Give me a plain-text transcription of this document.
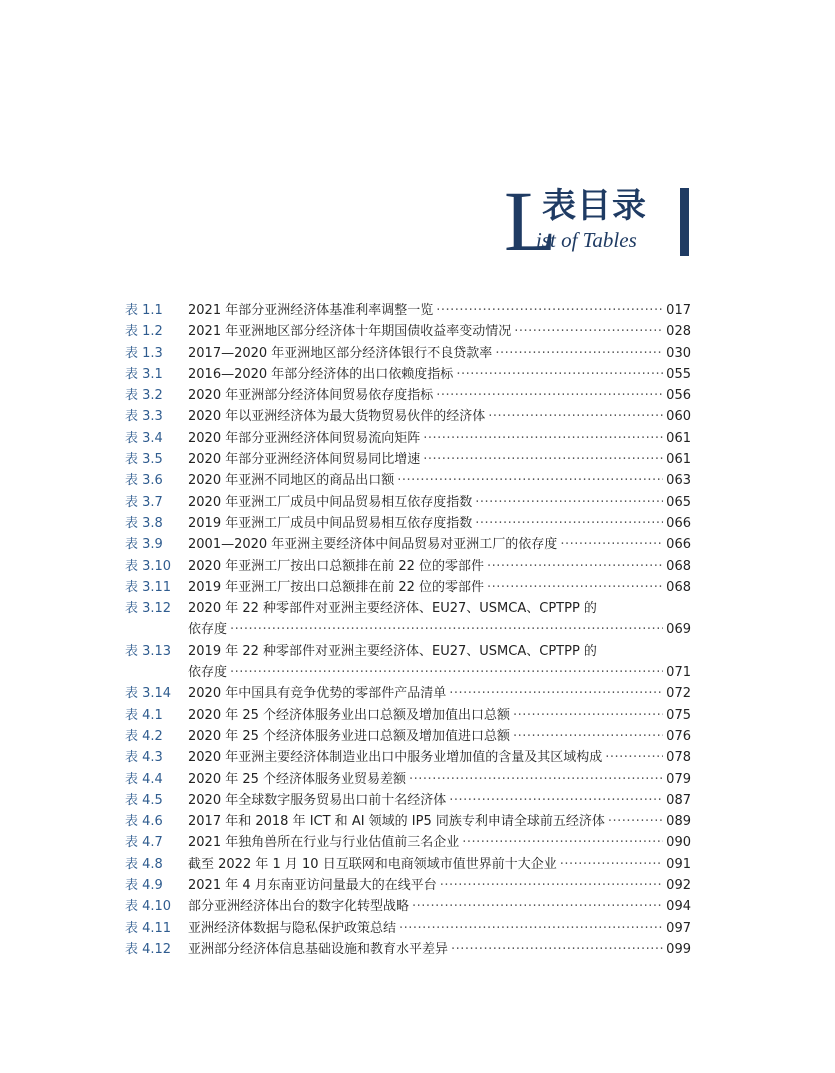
L
表目录
ist of Tables
表 1.1	2021 年部分亚洲经济体基准利率调整一览 ·····	017
表 1.2	2021 年亚洲地区部分经济体十年期国债收益率变动情况 ·····	028
表 1.3	2017—2020 年亚洲地区部分经济体银行不良贷款率 ·····	030
表 3.1	2016—2020 年部分经济体的出口依赖度指标 ·····	055
表 3.2	2020 年亚洲部分经济体间贸易依存度指标 ·····	056
表 3.3	2020 年以亚洲经济体为最大货物贸易伙伴的经济体 ·····	060
表 3.4	2020 年部分亚洲经济体间贸易流向矩阵 ·····	061
表 3.5	2020 年部分亚洲经济体间贸易同比增速 ·····	061
表 3.6	2020 年亚洲不同地区的商品出口额 ·····	063
表 3.7	2020 年亚洲工厂成员中间品贸易相互依存度指数 ·····	065
表 3.8	2019 年亚洲工厂成员中间品贸易相互依存度指数 ·····	066
表 3.9	2001—2020 年亚洲主要经济体中间品贸易对亚洲工厂的依存度 ·····	066
表 3.10	2020 年亚洲工厂按出口总额排在前 22 位的零部件 ·····	068
表 3.11	2019 年亚洲工厂按出口总额排在前 22 位的零部件 ·····	068
表 3.12	2020 年 22 种零部件对亚洲主要经济体、EU27、USMCA、CPTPP 的
依存度 ·····	069
表 3.13	2019 年 22 种零部件对亚洲主要经济体、EU27、USMCA、CPTPP 的
依存度 ·····	071
表 3.14	2020 年中国具有竞争优势的零部件产品清单 ·····	072
表 4.1	2020 年 25 个经济体服务业出口总额及增加值出口总额 ·····	075
表 4.2	2020 年 25 个经济体服务业进口总额及增加值进口总额 ·····	076
表 4.3	2020 年亚洲主要经济体制造业出口中服务业增加值的含量及其区域构成 ·····	078
表 4.4	2020 年 25 个经济体服务业贸易差额 ·····	079
表 4.5	2020 年全球数字服务贸易出口前十名经济体 ·····	087
表 4.6	2017 年和 2018 年 ICT 和 AI 领域的 IP5 同族专利申请全球前五经济体 ·····	089
表 4.7	2021 年独角兽所在行业与行业估值前三名企业 ·····	090
表 4.8	截至 2022 年 1 月 10 日互联网和电商领域市值世界前十大企业 ·····	091
表 4.9	2021 年 4 月东南亚访问量最大的在线平台 ·····	092
表 4.10	部分亚洲经济体出台的数字化转型战略 ·····	094
表 4.11	亚洲经济体数据与隐私保护政策总结 ·····	097
表 4.12	亚洲部分经济体信息基础设施和教育水平差异 ·····	099
